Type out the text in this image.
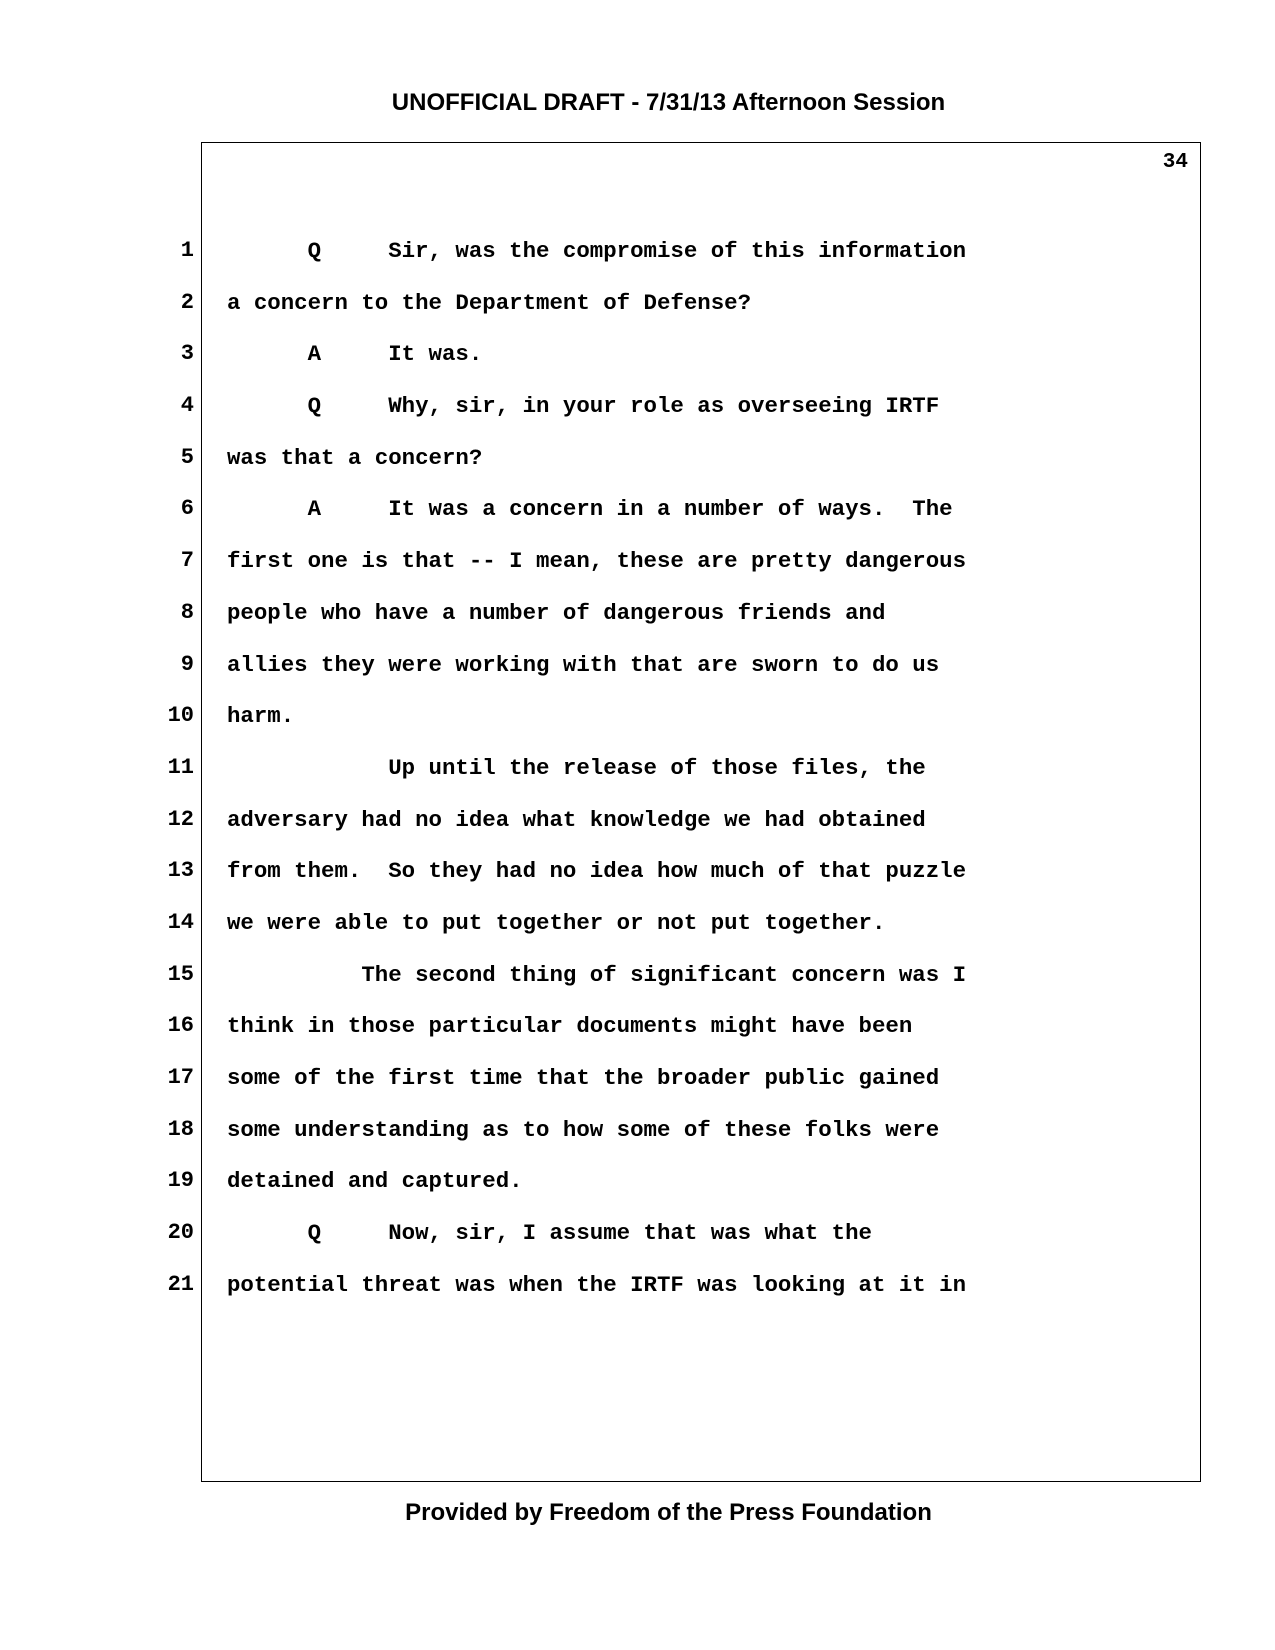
UNOFFICIAL DRAFT - 7/31/13 Afternoon Session
34
1 Q     Sir, was the compromise of this information
2 a concern to the Department of Defense?
3 A     It was.
4 Q     Why, sir, in your role as overseeing IRTF
5 was that a concern?
6 A     It was a concern in a number of ways.  The
7 first one is that -- I mean, these are pretty dangerous
8 people who have a number of dangerous friends and
9 allies they were working with that are sworn to do us
10 harm.
11 Up until the release of those files, the
12 adversary had no idea what knowledge we had obtained
13 from them.  So they had no idea how much of that puzzle
14 we were able to put together or not put together.
15 The second thing of significant concern was I
16 think in those particular documents might have been
17 some of the first time that the broader public gained
18 some understanding as to how some of these folks were
19 detained and captured.
20 Q     Now, sir, I assume that was what the
21 potential threat was when the IRTF was looking at it in
Provided by Freedom of the Press Foundation
